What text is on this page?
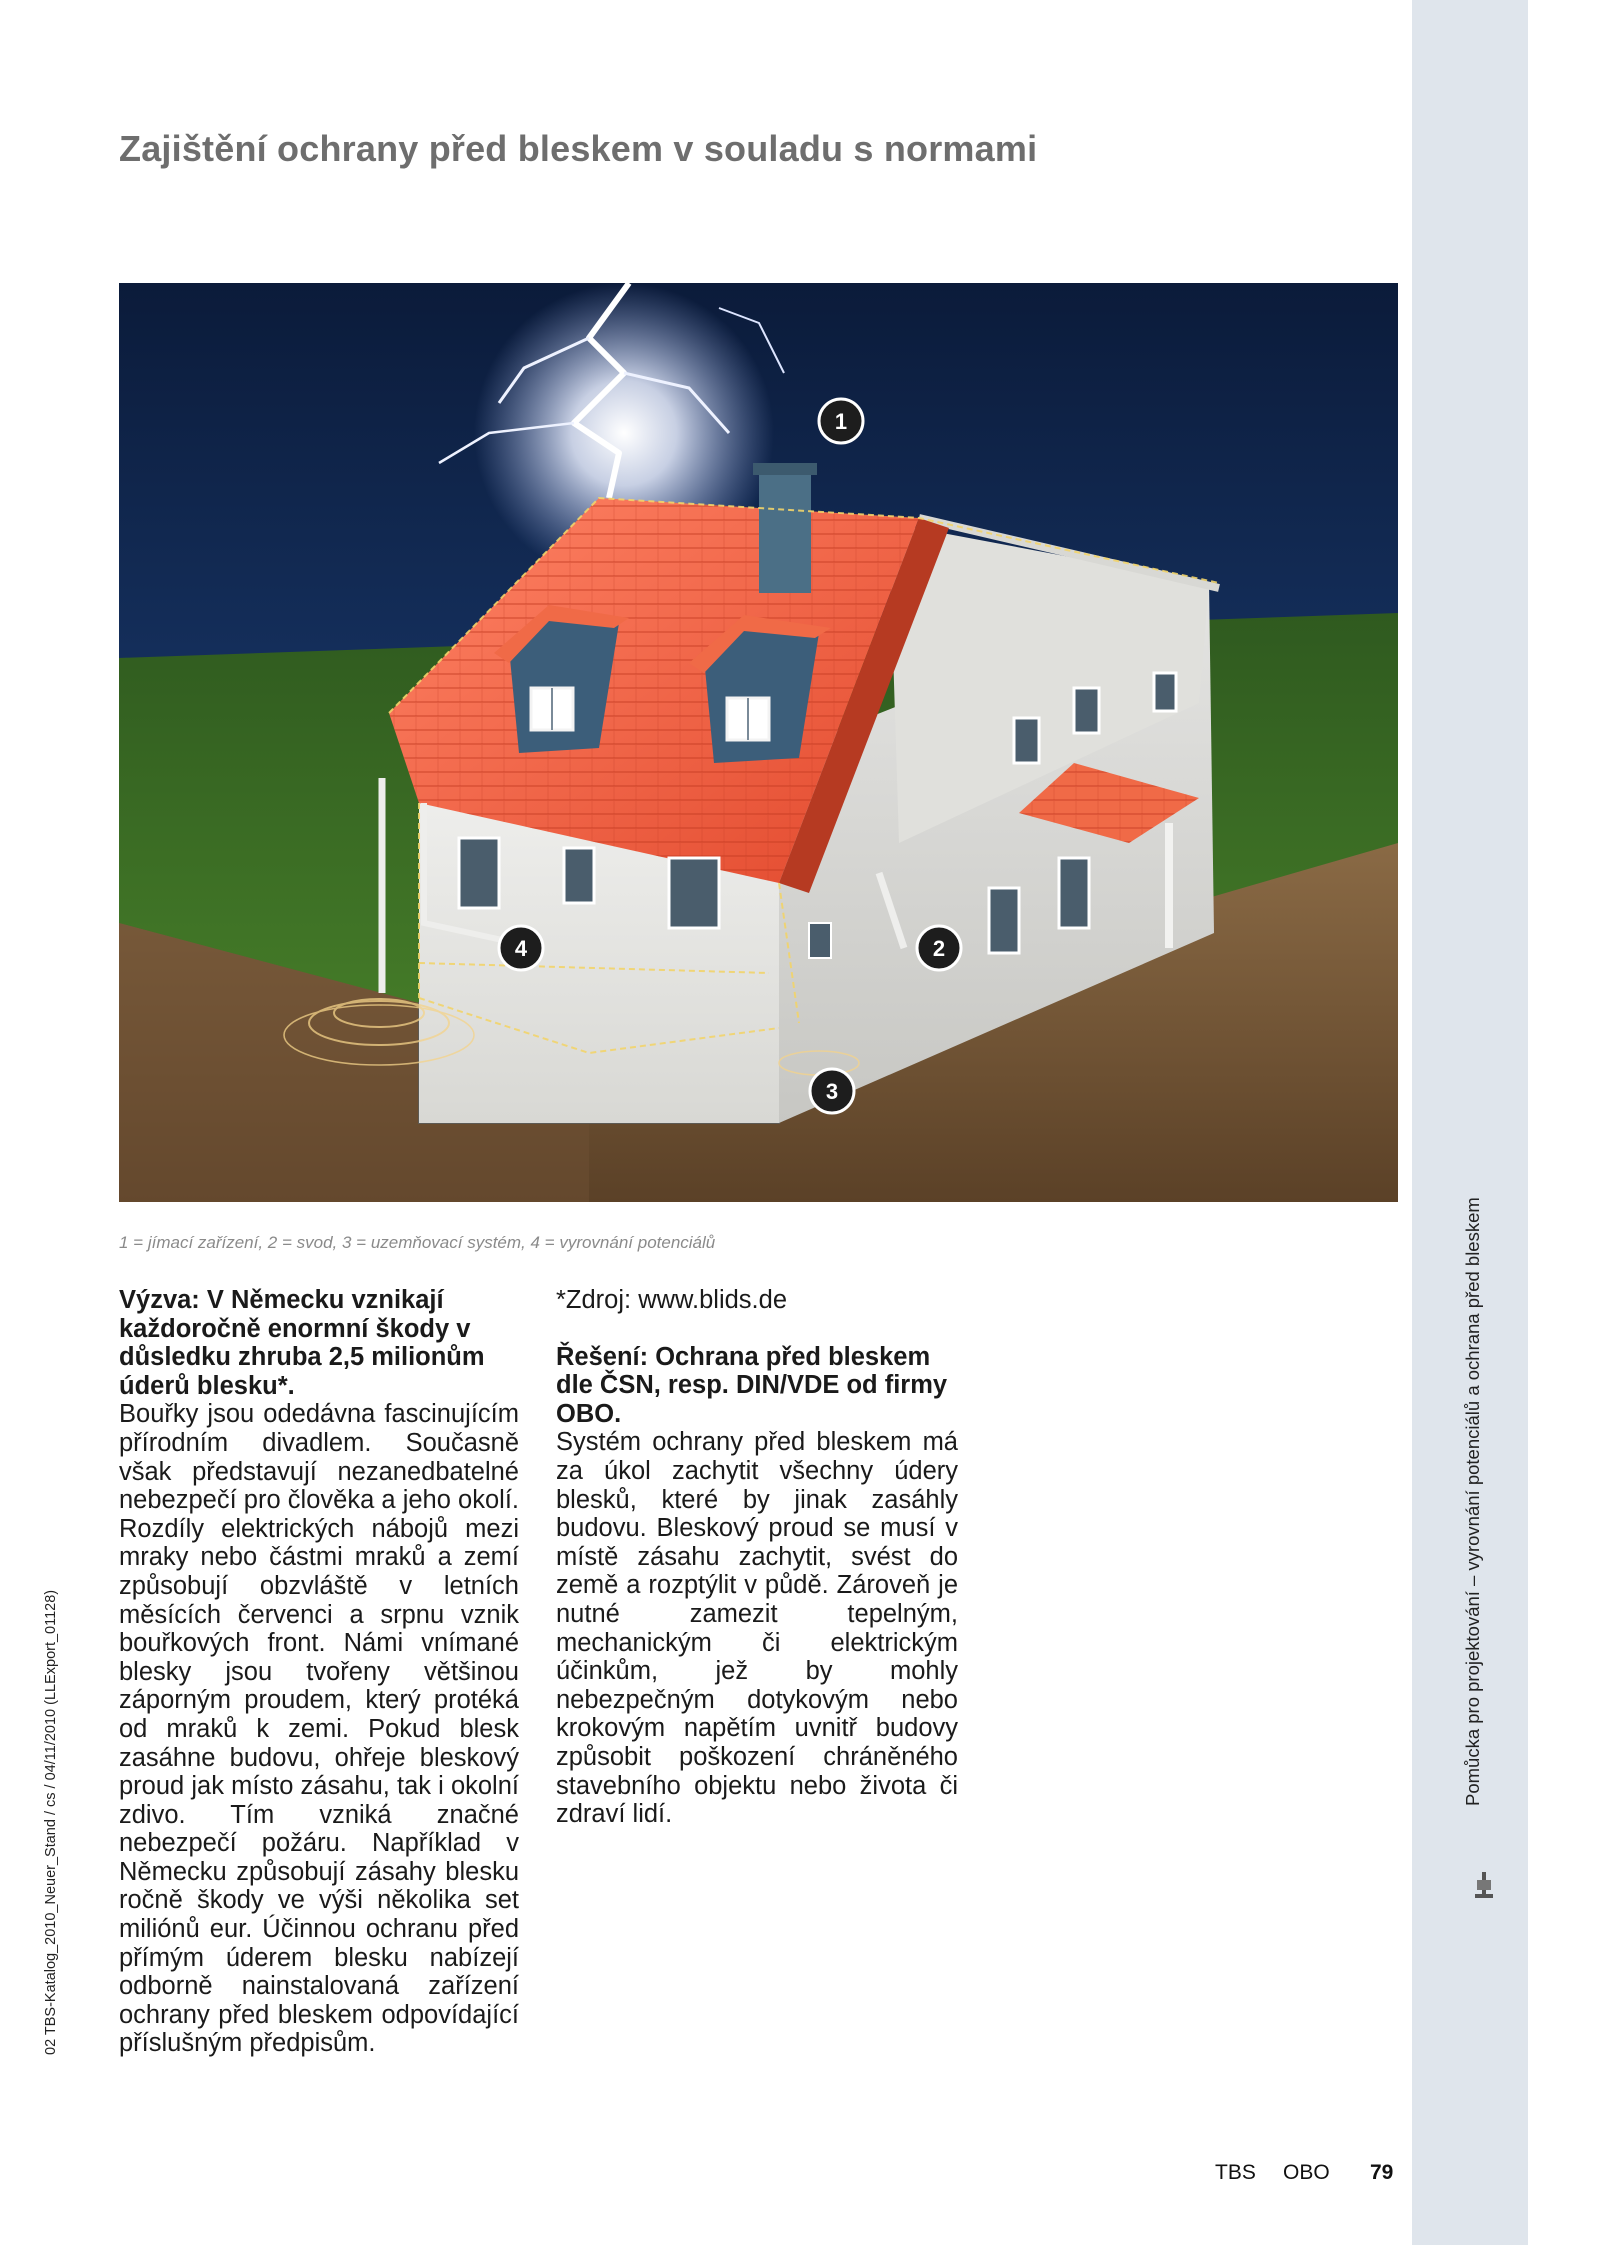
Zajištění ochrany před bleskem v souladu s normami
1
2
3
4
1 = jímací zařízení, 2 = svod, 3 = uzemňovací systém, 4 = vyrovnání potenciálů

Výzva: V Německu vznikají každoročně enormní škody v důsledku zhruba 2,5 milionům úderů blesku*.

Bouřky jsou odedávna fascinujícím přírodním divadlem. Současně však představují nezanedbatelné nebezpečí pro člověka a jeho okolí. Rozdíly elektrických nábojů mezi mraky nebo částmi mraků a zemí způsobují obzvláště v letních měsících červenci a srpnu vznik bouřkových front. Námi vnímané blesky jsou tvořeny většinou záporným proudem, který protéká od mraků k zemi. Pokud blesk zasáhne budovu, ohřeje bleskový proud jak místo zásahu, tak i okolní zdivo. Tím vzniká značné nebezpečí požáru. Například v Německu způsobují zásahy blesku ročně škody ve výši několika set miliónů eur. Účinnou ochranu před přímým úderem blesku nabízejí odborně nainstalovaná zařízení ochrany před bleskem odpovídající příslušným předpisům.

*Zdroj: www.blids.de

Řešení: Ochrana před bleskem dle ČSN, resp. DIN/VDE od firmy OBO.

Systém ochrany před bleskem má za úkol zachytit všechny údery blesků, které by jinak zasáhly budovu. Bleskový proud se musí v místě zásahu zachytit, svést do země a rozptýlit v půdě. Zároveň je nutné zamezit tepelným, mechanickým či elektrickým účinkům, jež by mohly nebezpečným dotykovým nebo krokovým napětím uvnitř budovy způsobit poškození chráněného stavebního objektu nebo života či zdraví lidí.

Pomůcka pro projektování – vyrovnání potenciálů a ochrana před bleskem
02 TBS-Katalog_2010_Neuer_Stand / cs / 04/11/2010 (LLExport_01128)
TBS OBO 79
